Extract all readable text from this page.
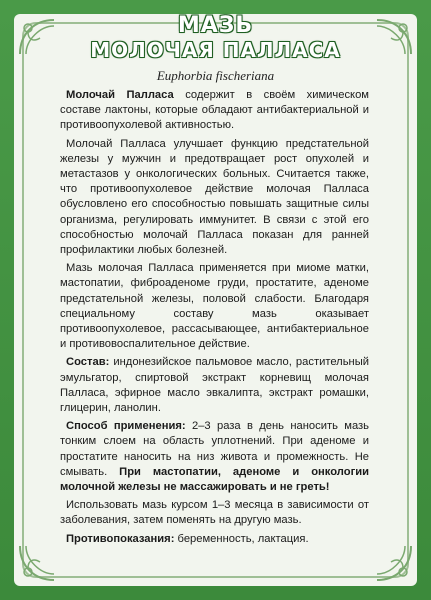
МАЗЬ
МОЛОЧАЯ ПАЛЛАСА
Euphorbia fischeriana

Молочай Палласа содержит в своём химическом составе лактоны, которые обладают антибактериальной и противоопухолевой активностью.

Молочай Палласа улучшает функцию предстательной железы у мужчин и предотвращает рост опухолей и метастазов у онкологических больных. Считается также, что противоопухолевое действие молочая Палласа обусловлено его способностью повышать защитные силы организма, регулировать иммунитет. В связи с этой его способностью молочай Палласа показан для ранней профилактики любых болезней.

Мазь молочая Палласа применяется при миоме матки, мастопатии, фиброаденоме груди, простатите, аденоме предстательной железы, половой слабости. Благодаря специальному составу мазь оказывает противоопухолевое, рассасывающее, антибактериальное и противовоспалительное действие.

Состав: индонезийское пальмовое масло, растительный эмульгатор, спиртовой экстракт корневищ молочая Палласа, эфирное масло эвкалипта, экстракт ромашки, глицерин, ланолин.

Способ применения: 2–3 раза в день наносить мазь тонким слоем на область уплотнений. При аденоме и простатите наносить на низ живота и промежность. Не смывать. При мастопатии, аденоме и онкологии молочной железы не массажировать и не греть!

Использовать мазь курсом 1–3 месяца в зависимости от заболевания, затем поменять на другую мазь.

Противопоказания: беременность, лактация.
